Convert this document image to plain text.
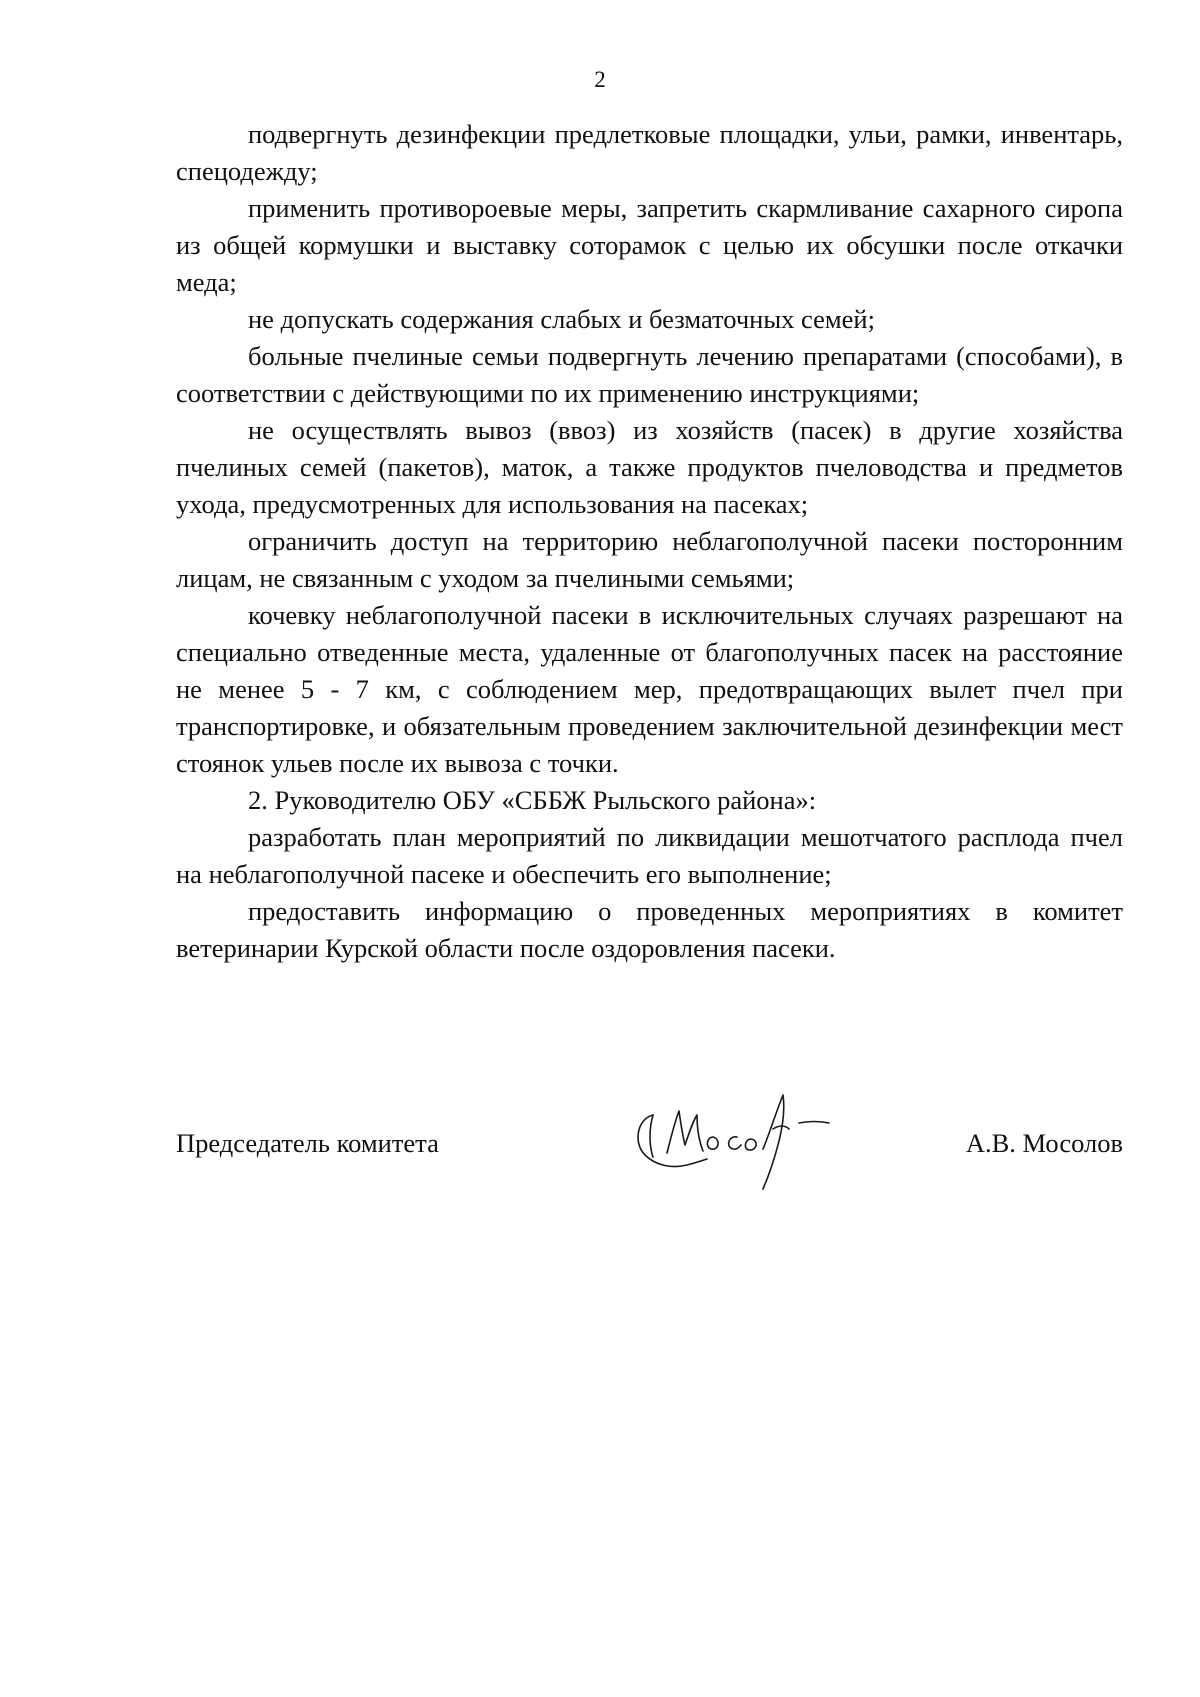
2

подвергнуть дезинфекции предлетковые площадки, ульи, рамки, инвентарь, спецодежду;

применить противороевые меры, запретить скармливание сахарного сиропа из общей кормушки и выставку соторамок с целью их обсушки после откачки меда;

не допускать содержания слабых и безматочных семей;

больные пчелиные семьи подвергнуть лечению препаратами (способами), в соответствии с действующими по их применению инструкциями;

не осуществлять вывоз (ввоз) из хозяйств (пасек) в другие хозяйства пчелиных семей (пакетов), маток, а также продуктов пчеловодства и предметов ухода, предусмотренных для использования на пасеках;

ограничить доступ на территорию неблагополучной пасеки посторонним лицам, не связанным с уходом за пчелиными семьями;

кочевку неблагополучной пасеки в исключительных случаях разрешают на специально отведенные места, удаленные от благополучных пасек на расстояние не менее 5 - 7 км, с соблюдением мер, предотвращающих вылет пчел при транспортировке, и обязательным проведением заключительной дезинфекции мест стоянок ульев после их вывоза с точки.

2. Руководителю ОБУ «СББЖ Рыльского района»:

разработать план мероприятий по ликвидации мешотчатого расплода пчел на неблагополучной пасеке и обеспечить его выполнение;

предоставить информацию о проведенных мероприятиях в комитет ветеринарии Курской области после оздоровления пасеки.

Председатель комитета	А.В. Мосолов
